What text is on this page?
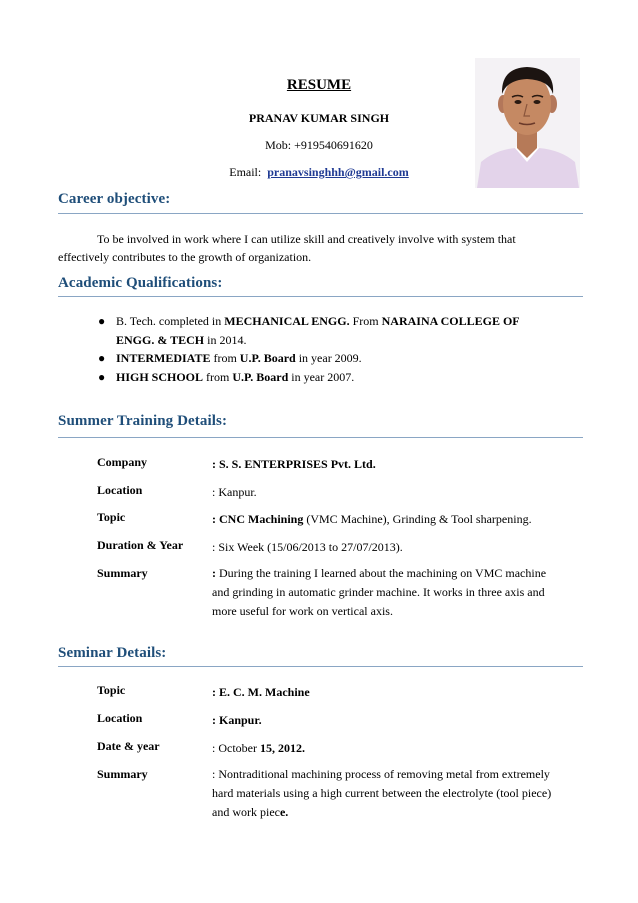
RESUME
PRANAV KUMAR SINGH
Mob: +919540691620
Email: pranavsinghhh@gmail.com
Career objective:
To be involved in work where I can utilize skill and creatively involve with system that
effectively contributes to the growth of organization.
Academic Qualifications:
● B. Tech. completed in MECHANICAL ENGG. From NARAINA COLLEGE OF
ENGG. & TECH in 2014.
● INTERMEDIATE from U.P. Board in year 2009.
● HIGH SCHOOL from U.P. Board in year 2007.
Summer Training Details:
Company	: S. S. ENTERPRISES Pvt. Ltd.
Location	: Kanpur.
Topic	: CNC Machining (VMC Machine), Grinding & Tool sharpening.
Duration & Year : Six Week (15/06/2013 to 27/07/2013).
Summary	: During the training I learned about the machining on VMC machine
and grinding in automatic grinder machine. It works in three axis and
more useful for work on vertical axis.
Seminar Details:
Topic	: E. C. M. Machine
Location	: Kanpur.
Date & year	: October 15, 2012.
Summary	: Nontraditional machining process of removing metal from extremely
hard materials using a high current between the electrolyte (tool piece)
and work piece.
